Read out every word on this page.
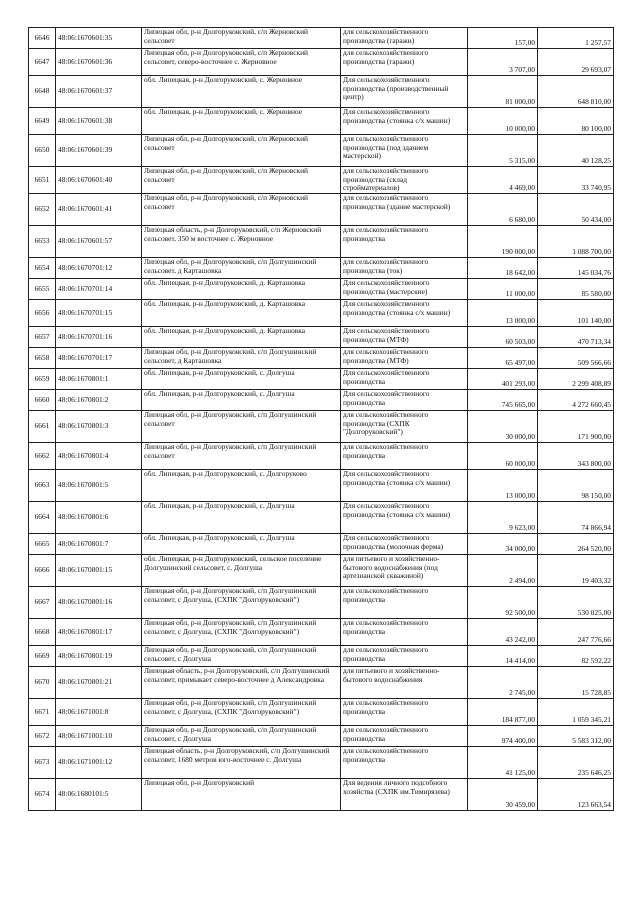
6646	48:06:1670601:35	Липецкая обл, р-н Долгоруковский, с/п Жерновский сельсовет	для сельскохозяйственного производства (гаражи)	157,00	1 257,57
6647	48:06:1670601:36	Липецкая обл, р-н Долгоруковский, с/п Жерновский сельсовет, северо-восточнее с. Жерновное	для сельскохозяйственного производства (гаражи)	3 707,00	29 693,07
6648	48:06:1670601:37	обл. Липецкая, р-н Долгоруковский, с. Жерновное	Для сельскохозяйственного производства (производственный центр)	81 000,00	648 810,00
6649	48:06:1670601:38	обл. Липецкая, р-н Долгоруковский, с. Жерновное	Для сельскохозяйственного производства (стоянка с/х машин)	10 000,00	80 100,00
6650	48:06:1670601:39	Липецкая обл, р-н Долгоруковский, с/п Жерновский сельсовет	для сельскохозяйственного производства (под зданием мастерской)	5 315,00	40 128,25
6651	48:06:1670601:40	Липецкая обл, р-н Долгоруковский, с/п Жерновский сельсовет	для сельскохозяйственного производства (склад стройматериалов)	4 469,00	33 740,95
6652	48:06:1670601:41	Липецкая обл, р-н Долгоруковский, с/п Жерновский сельсовет	для сельскохозяйственного производства (здание мастерской)	6 680,00	50 434,00
6653	48:06:1670601:57	Липецкая область, р-н Долгоруковский, с/п Жерновский сельсовет, 350 м восточнее с. Жерновное	для сельскохозяйственного производства	190 000,00	1 088 700,00
6654	48:06:1670701:12	Липецкая обл, р-н Долгоруковский, с/п Долгушинский сельсовет, д Карташовка	для сельскохозяйственного производства (ток)	18 642,00	145 034,76
6655	48:06:1670701:14	обл. Липецкая, р-н Долгоруковский, д. Карташовка	Для сельскохозяйственного производства (мастерские)	11 000,00	85 580,00
6656	48:06:1670701:15	обл. Липецкая, р-н Долгоруковский, д. Карташовка	Для сельскохозяйственного производства (стоянка с/х машин)	13 000,00	101 140,00
6657	48:06:1670701:16	обл. Липецкая, р-н Долгоруковский, д. Карташовка	Для сельскохозяйственного производства (МТФ)	60 503,00	470 713,34
6658	48:06:1670701:17	Липецкая обл, р-н Долгоруковский, с/п Долгушинский сельсовет, д Карташовка	для сельскохозяйственного производства (МТФ)	65 497,00	509 566,66
6659	48:06:1670801:1	обл. Липецкая, р-н Долгоруковский, с. Долгуша	Для сельскохозяйственного производства	401 293,00	2 299 408,89
6660	48:06:1670801:2	обл. Липецкая, р-н Долгоруковский, с. Долгуша	Для сельскохозяйственного производства	745 665,00	4 272 660,45
6661	48:06:1670801:3	Липецкая обл, р-н Долгоруковский, с/п Долгушинский сельсовет	для сельскохозяйственного производства (СХПК "Долгоруковский")	30 000,00	171 900,00
6662	48:06:1670801:4	Липецкая обл, р-н Долгоруковский, с/п Долгушинский сельсовет	для сельскохозяйственного производства	60 000,00	343 800,00
6663	48:06:1670801:5	обл. Липецкая, р-н Долгоруковский, с. Долгоруково	Для сельскохозяйственного производства (стоянка с/х машин)	13 000,00	98 150,00
6664	48:06:1670801:6	обл. Липецкая, р-н Долгоруковский, с. Долгуша	Для сельскохозяйственного производства (стоянка с/х машин)	9 623,00	74 866,94
6665	48:06:1670801:7	обл. Липецкая, р-н Долгоруковский, с. Долгуша	Для сельскохозяйственного производства (молочная ферма)	34 000,00	264 520,00
6666	48:06:1670801:15	обл. Липецкая, р-н Долгоруковский, сельское поселение Долгушинский сельсовет, с. Долгуша	для питьевого и хозяйственно-бытового водоснабжения (под артезианской скважиной)	2 494,00	19 403,32
6667	48:06:1670801:16	Липецкая обл, р-н Долгоруковский, с/п Долгушинский сельсовет, с Долгуша, (СХПК "Долгоруковский")	для сельскохозяйственного производства	92 500,00	530 025,00
6668	48:06:1670801:17	Липецкая обл, р-н Долгоруковский, с/п Долгушинский сельсовет, с Долгуша, (СХПК "Долгоруковский")	для сельскохозяйственного производства	43 242,00	247 776,66
6669	48:06:1670801:19	Липецкая обл, р-н Долгоруковский, с/п Долгушинский сельсовет, с Долгуша	для сельскохозяйственного производства	14 414,00	82 592,22
6670	48:06:1670801:21	Липецкая область, р-н Долгоруковский, с/п Долгушинский сельсовет, примыкает северо-восточнее д Александровка	для питьевого и хозяйственно-бытового водоснабжения	2 745,00	15 728,85
6671	48:06:1671001:8	Липецкая обл, р-н Долгоруковский, с/п Долгушинский сельсовет, с Долгуша, (СХПК "Долгоруковский")	для сельскохозяйственного производства	184 877,00	1 059 345,21
6672	48:06:1671001:10	Липецкая обл, р-н Долгоруковский, с/п Долгушинский сельсовет, с Долгуша	для сельскохозяйственного производства	974 400,00	5 583 312,00
6673	48:06:1671001:12	Липецкая область, р-н Долгоруковский, с/п Долгушинский сельсовет, 1680 метров юго-восточнее с. Долгуша	для сельскохозяйственного производства	41 125,00	235 646,25
6674	48:06:1680101:5	Липецкая обл, р-н Долгоруковский	Для ведения личного подсобного хозяйства (СХПК им.Тимирязева)	30 459,00	123 663,54
